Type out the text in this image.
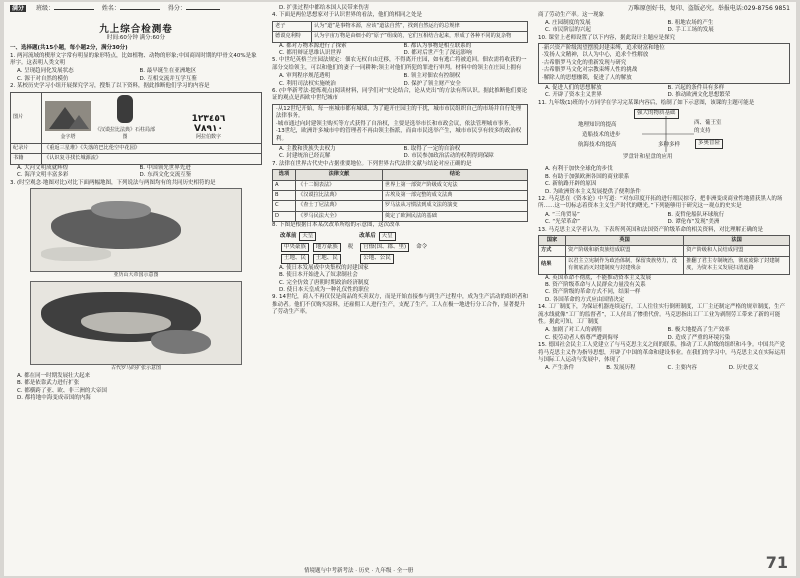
满分 班级：	姓名：	得分：
九上综合检测卷
时间:60分钟 满分:60分

一、选择题(共15小题，每小题2分，满分30分)

1. 两河流域的楔形文字常有明显的象形特点，比如植物、动物的形象;中国商周时期的甲骨文40%是象形字。这表明人类文明

A. 呈现趋同化发展状态	B. 最早诞生在亚洲地区
C. 源于对自然的模仿	D. 互相交流并互学互鉴

2. 某校历史学习小组开展探究学习，搜集了以下资料，据此推断他们学习的内容是

图片	金字塔
《汉谟拉比法典》石柱局部图
1٢٣٤٥٦
V٨٩١٠
阿拉伯数字

纪录片	《重返三星堆》《失落的巴比伦空中花园》
书籍	《认识复寻找长城源流》
A. 大河文明成就辉煌	B. 中国领先世界先进
C. 海洋文明丰富多彩	D. 东西文化交流互鉴

3. (时空观念·地图对比)对比下面两幅地图，下列说法与两图均有的共同历史相符的是

亚历山大帝国示意图
古代罗马的扩张示意图

A. 都在同一时期发展壮大起来

B. 都是依靠武力进行扩张

C. 都横跨了亚、欧、非三洲的大帝国

D. 都将地中海变成帝国的内海

D. 扩张过程中都给本国人民带来伤害

4. 下面是两位思想家对于认识世界的看法，他们的相同之处是

老子	认为“道”是事物本源，应该“道法自然”，找到自然运行的总规律
德谟克利特	认为宇宙万物是由细小的“原子”组成的，它们互相结合起来，形成了各种不同的复杂物
A. 都对万物本源进行了探索	B. 都认为事物是相互联系的
C. 都用辩证思维认识世界	D. 都对后世产生了深远影响

5. 中世纪英格兰庄园法规定：佃农无权自由迁移，不得离开庄园，如有逃亡将被追回。佃农需将收获的一部分交给领主，可以和他们的妻子一同耕种;领主对他们所犯的罪进行审判。材料中的领主在庄园上拥有

A. 审判程序规范透明	B. 领主对佃农有控制权
C. 利用司法权实施统治	D. 保护了领主财产安全

6. (中华新考法·提炼观点)阅读材料，同学们对“史论结合，论从史出”的方法有所认识。据此推断他们要论证的观点是西欧中世纪城市

·从12世纪开始，每一座城市都有城墙，为了避开庄园主的干扰，城市市民组织自己的市场并自行处理法律事务。

·城市通过向封建领主购买等方式获得了自治权，主要是选举市长和市政会议，依法管理城市事务。

·13世纪，欧洲许多城市中的管理者不再由领主指派，而由市民选举产生，城市市民享有较多的政治权利。

A. 主教和贵族失去权力	B. 取得了一定的自治权
C. 封建统治已经瓦解	D. 市民参加政治活动的权利得到保障

7. 法律在世界古代史中占据重要地位。下列世界古代法律文献与结论对应正确的是

选项	法律文献	结论
A	《十二铜表法》	世界上第一部资产阶级成文宪法
B	《汉谟拉比法典》	古埃及第一部完整的成文法典
C	《查士丁尼法典》	罗马法从习惯法到成文法的演变
D	《罗马民法大全》	奠定了欧洲民法的基础

8. 下图是根据日本某次改革所绘的示意图，这次改革

改革前 天皇
中央豪族 地方豪族
土地、民 土地、民
税
改革后 天皇
官僚(国、郡、里)
公地、公民
命令

A. 使日本发展成中央集权的封建国家

B. 使日本开始进入了奴隶制社会

C. 完全仿效了唐朝时期政治经济制度

D. 使日本天皇成为一种礼仪性的职位

9. 14世纪，商人不再仅仅是商品的买卖双方，而是开始直接参与到生产过程中，成为生产活动的组织者和推动者。他们不仅购买原料，还雇佣工人进行生产，支配了生产。工人在极一地进行分工合作，显著提升了劳动生产率。

万唯原创好书，复印、盗版必究。举报电话:029-8756 9851

商了劳动生产率。这一现象

A. 庄园制度的发展	B. 租地农场的产生
C. 市民阶层的兴起	D. 手工工场的发展

10. 课堂上老师设置了以下内容，据此设计主题应是探究

·新兴资产阶级渴望摆脱封建束缚，追求财富和地位

·发扬人文精神，以人为中心，追求个性解放

·古希腊罗马文化的重新发现与研究

·古希腊罗马文化对宗教束缚人性的挑战

·解除人的思想枷锁，促进了人的解放

A. 促进人们的思想解放	B. 兴起的条件具有多样
C. 开辟了资本主义世界	D. 推动欧洲文化思想繁荣

11. 九年级(1)班的小方同学在学习完某课内容后，绘制了如下示意图，该课的主题可能是

强大的物质基础
地理知识的提高
造船技术的进步
航海技术的提高
西、葡王室
的支持
多奥冒险
多种多样
罗盘针和星盘的应用

A. 有利于加快全球化的步伐

B. 有助于加强欧洲各国的商业联系

C. 新航路开辟的原因

D. 为欧洲资本主义发展提供了便利条件

12. 马克思在《资本论》中写道：“对东印度开拓的进行殖民掠夺，把非洲变成商业性地猎获黑人的场所……这一切标志着资本主义生产时代的曙光。”下列能够用于研究这一观点的史实是

A. “三角贸易”	B. 麦哲伦船队环球航行
C. “光荣革命”	D. 谭伦布“发现”美洲

13. 马克思主义学者认为，下表所列英国和法国资产阶级革命的相关资料，对比理解正确的是

国家	英国	法国
方式	资产阶级和新贵族结成联盟	资产阶级和人民结成同盟
结果	以君主立宪制作为政治体制，保留贵族势力，没有彻底消灭封建制度与封建残余	推翻了君主专制统治，彻底废除了封建制度，为资本主义发展扫清道路

A. 英国革命不彻底，不能推动资本主义发展

B. 资产阶级革命与人民群众力量没有关系

C. 资产阶级的革命方式不同，结果一样

D. 各国革命的方式应由国情决定

14. 工厂制度下，为保证机器连续运行，工人往往实行倒班制度，工厂主还制定严格的规章制度，生产流水线就像“工厂的监督者”，工人付出了惨重代价。马克思指出工厂工业为剥削劳工带来了新的可能性。据此可知，工厂制度

A. 加剧了对工人的剥削	B. 极大地提高了生产效率
C. 使劳动者人格尊严遭到侮辱	D. 造成了严重的环境污染

15. 德国社会民主工人党建立了与马克思主义之间的联系，推动了工人阶级的组织和斗争。中国共产党将马克思主义作为指导思想，开辟了中国的革命和建设事业。在我们的学习中，马克思主义在实际运用与国际工人运动与发展中，体现了

A. 产生条件	B. 发展历程	C. 主要内容	D. 历史意义
情境题与中考新考法 · 历史 · 九年级 · 全一册	71
